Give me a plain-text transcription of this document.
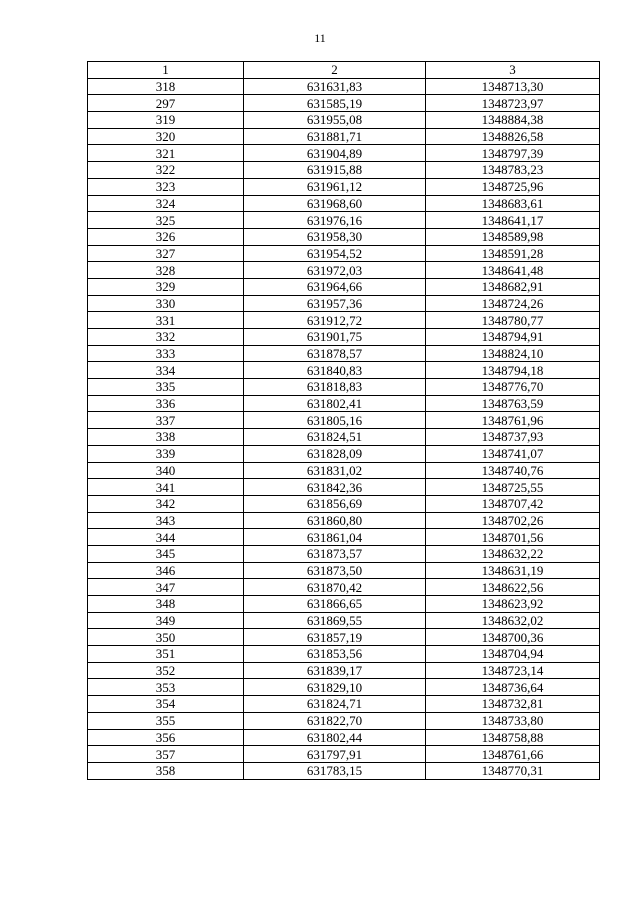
11
1	2	3
318	631631,83	1348713,30
297	631585,19	1348723,97
319	631955,08	1348884,38
320	631881,71	1348826,58
321	631904,89	1348797,39
322	631915,88	1348783,23
323	631961,12	1348725,96
324	631968,60	1348683,61
325	631976,16	1348641,17
326	631958,30	1348589,98
327	631954,52	1348591,28
328	631972,03	1348641,48
329	631964,66	1348682,91
330	631957,36	1348724,26
331	631912,72	1348780,77
332	631901,75	1348794,91
333	631878,57	1348824,10
334	631840,83	1348794,18
335	631818,83	1348776,70
336	631802,41	1348763,59
337	631805,16	1348761,96
338	631824,51	1348737,93
339	631828,09	1348741,07
340	631831,02	1348740,76
341	631842,36	1348725,55
342	631856,69	1348707,42
343	631860,80	1348702,26
344	631861,04	1348701,56
345	631873,57	1348632,22
346	631873,50	1348631,19
347	631870,42	1348622,56
348	631866,65	1348623,92
349	631869,55	1348632,02
350	631857,19	1348700,36
351	631853,56	1348704,94
352	631839,17	1348723,14
353	631829,10	1348736,64
354	631824,71	1348732,81
355	631822,70	1348733,80
356	631802,44	1348758,88
357	631797,91	1348761,66
358	631783,15	1348770,31
